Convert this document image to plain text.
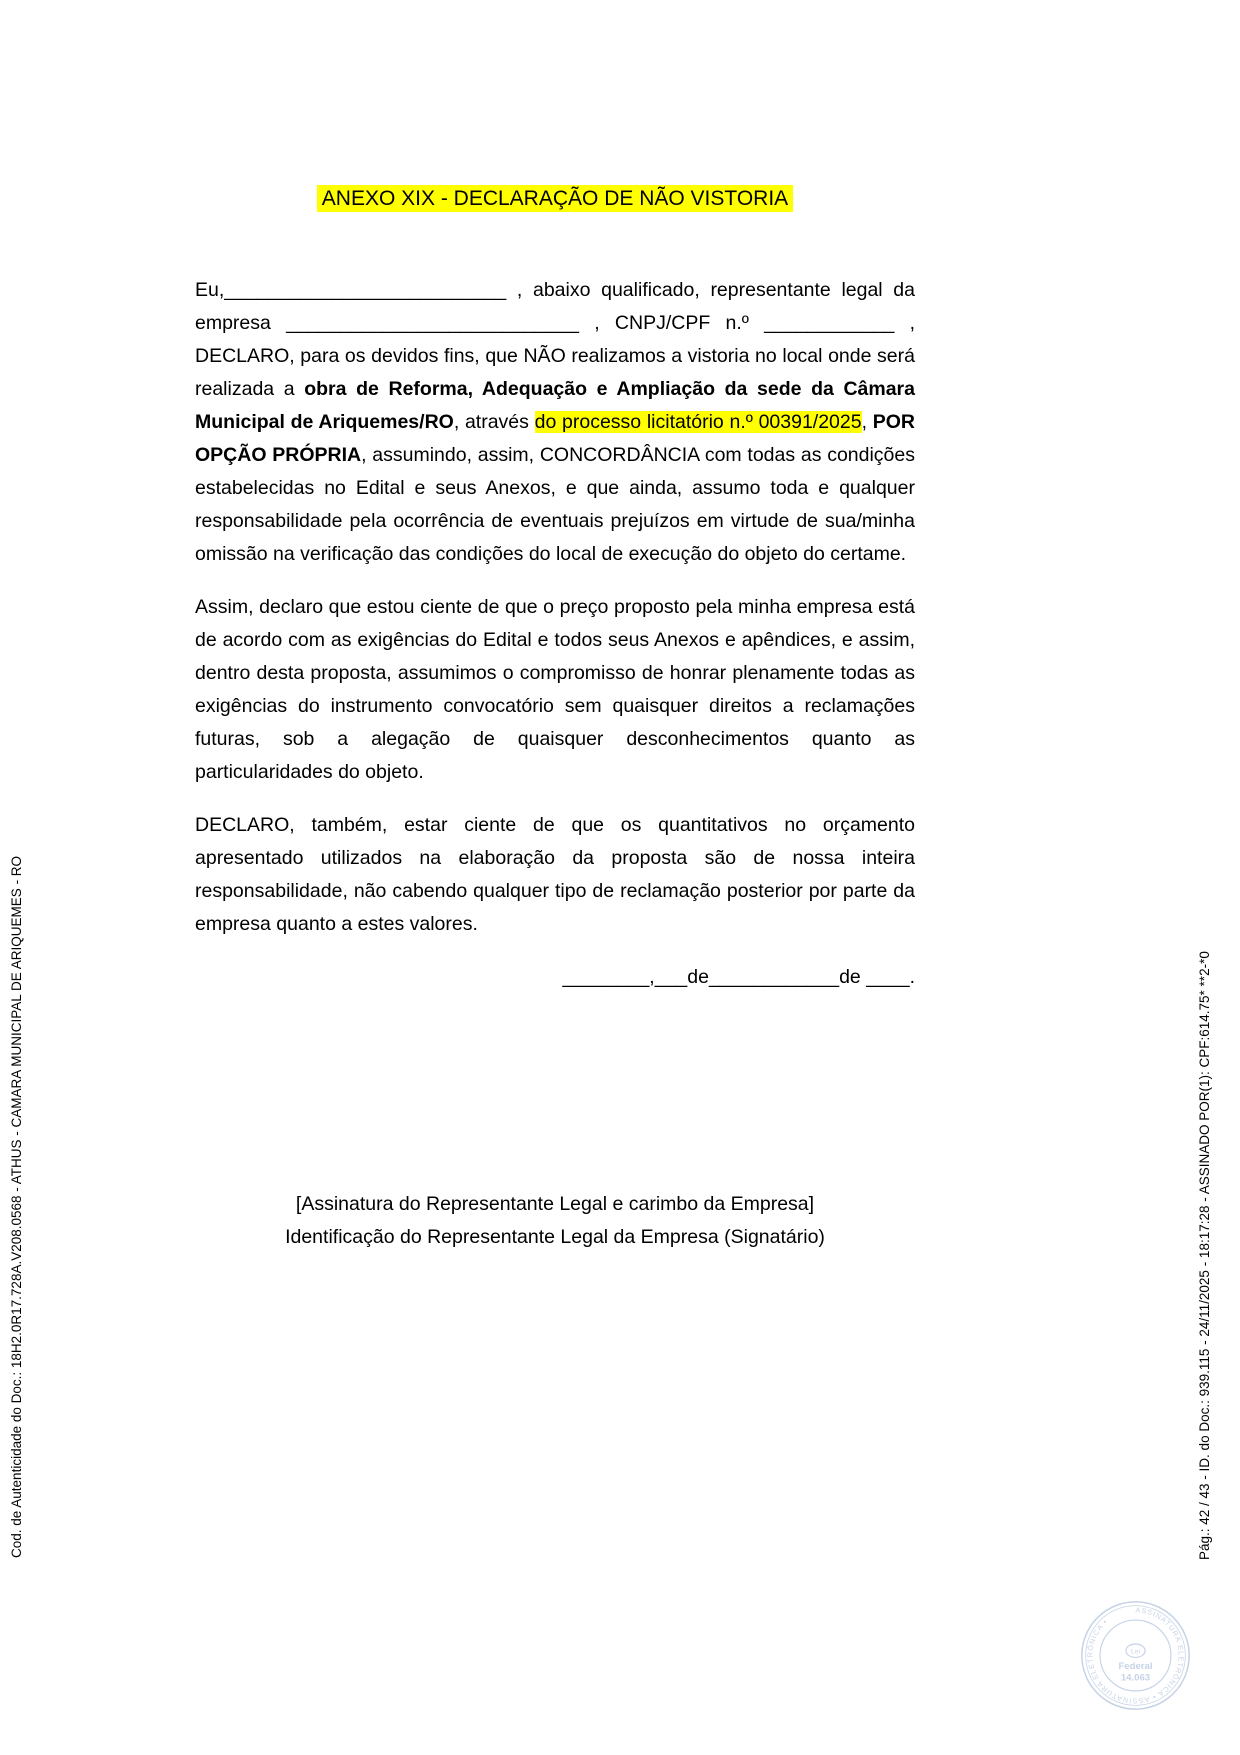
ANEXO XIX - DECLARAÇÃO DE NÃO VISTORIA

Eu,__________________________ , abaixo qualificado, representante legal da empresa ___________________________ , CNPJ/CPF n.º ____________ , DECLARO, para os devidos fins, que NÃO realizamos a vistoria no local onde será realizada a obra de Reforma, Adequação e Ampliação da sede da Câmara Municipal de Ariquemes/RO, através do processo licitatório n.º 00391/2025, POR OPÇÃO PRÓPRIA, assumindo, assim, CONCORDÂNCIA com todas as condições estabelecidas no Edital e seus Anexos, e que ainda, assumo toda e qualquer responsabilidade pela ocorrência de eventuais prejuízos em virtude de sua/minha omissão na verificação das condições do local de execução do objeto do certame.

Assim, declaro que estou ciente de que o preço proposto pela minha empresa está de acordo com as exigências do Edital e todos seus Anexos e apêndices, e assim, dentro desta proposta, assumimos o compromisso de honrar plenamente todas as exigências do instrumento convocatório sem quaisquer direitos a reclamações futuras, sob a alegação de quaisquer desconhecimentos quanto as particularidades do objeto.

DECLARO, também, estar ciente de que os quantitativos no orçamento apresentado utilizados na elaboração da proposta são de nossa inteira responsabilidade, não cabendo qualquer tipo de reclamação posterior por parte da empresa quanto a estes valores.

________,___de____________de ____.

[Assinatura do Representante Legal e carimbo da Empresa]
Identificação do Representante Legal da Empresa (Signatário)
Cod. de Autenticidade do Doc.: 18H2.0R17.728A.V208.0568 - ATHUS - CAMARA MUNICIPAL DE ARIQUEMES - RO	Pág.: 42 / 43 - ID. do Doc.: 939.115 - 24/11/2025 - 18:17:28 - ASSINADO POR(1): CPF:614.75* **2-*0
ASSINATURA ELETRÔNICA • ASSINATURA ELETRÔNICA •
Lei
Federal
14.063
